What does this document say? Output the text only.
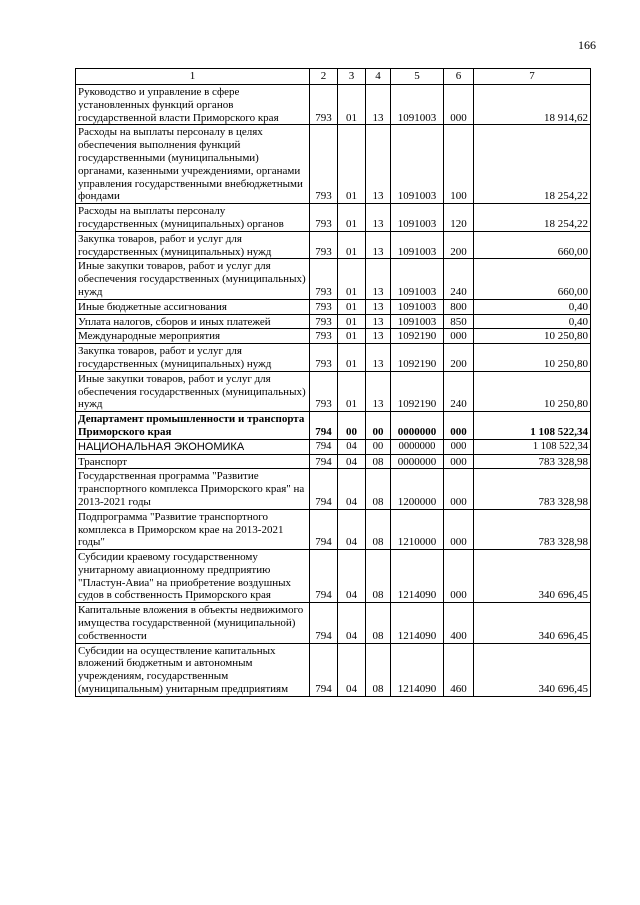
166
1	2	3	4	5	6	7
Руководство и управление в сфере установленных функций органов государственной власти Приморского края	793	01	13	1091003	000	18 914,62
Расходы на выплаты персоналу в целях обеспечения выполнения функций государственными (муниципальными) органами, казенными учреждениями, органами управления государственными внебюджетными фондами	793	01	13	1091003	100	18 254,22
Расходы на выплаты персоналу государственных (муниципальных) органов	793	01	13	1091003	120	18 254,22
Закупка товаров, работ и услуг для государственных (муниципальных) нужд	793	01	13	1091003	200	660,00
Иные закупки товаров, работ и услуг для обеспечения государственных (муниципальных) нужд	793	01	13	1091003	240	660,00
Иные бюджетные ассигнования	793	01	13	1091003	800	0,40
Уплата налогов, сборов и иных платежей	793	01	13	1091003	850	0,40
Международные мероприятия	793	01	13	1092190	000	10 250,80
Закупка товаров, работ и услуг для государственных (муниципальных) нужд	793	01	13	1092190	200	10 250,80
Иные закупки товаров, работ и услуг для обеспечения государственных (муниципальных) нужд	793	01	13	1092190	240	10 250,80
Департамент промышленности и транспорта Приморского края	794	00	00	0000000	000	1 108 522,34
НАЦИОНАЛЬНАЯ ЭКОНОМИКА	794	04	00	0000000	000	1 108 522,34
Транспорт	794	04	08	0000000	000	783 328,98
Государственная программа "Развитие транспортного комплекса Приморского края" на 2013-2021 годы	794	04	08	1200000	000	783 328,98
Подпрограмма "Развитие транспортного комплекса в Приморском крае на 2013-2021 годы"	794	04	08	1210000	000	783 328,98
Субсидии краевому государственному унитарному авиационному предприятию "Пластун-Авиа" на приобретение воздушных судов в собственность Приморского края	794	04	08	1214090	000	340 696,45
Капитальные вложения в объекты недвижимого имущества государственной (муниципальной) собственности	794	04	08	1214090	400	340 696,45
Субсидии на осуществление капитальных вложений бюджетным и автономным учреждениям, государственным (муниципальным) унитарным предприятиям	794	04	08	1214090	460	340 696,45
